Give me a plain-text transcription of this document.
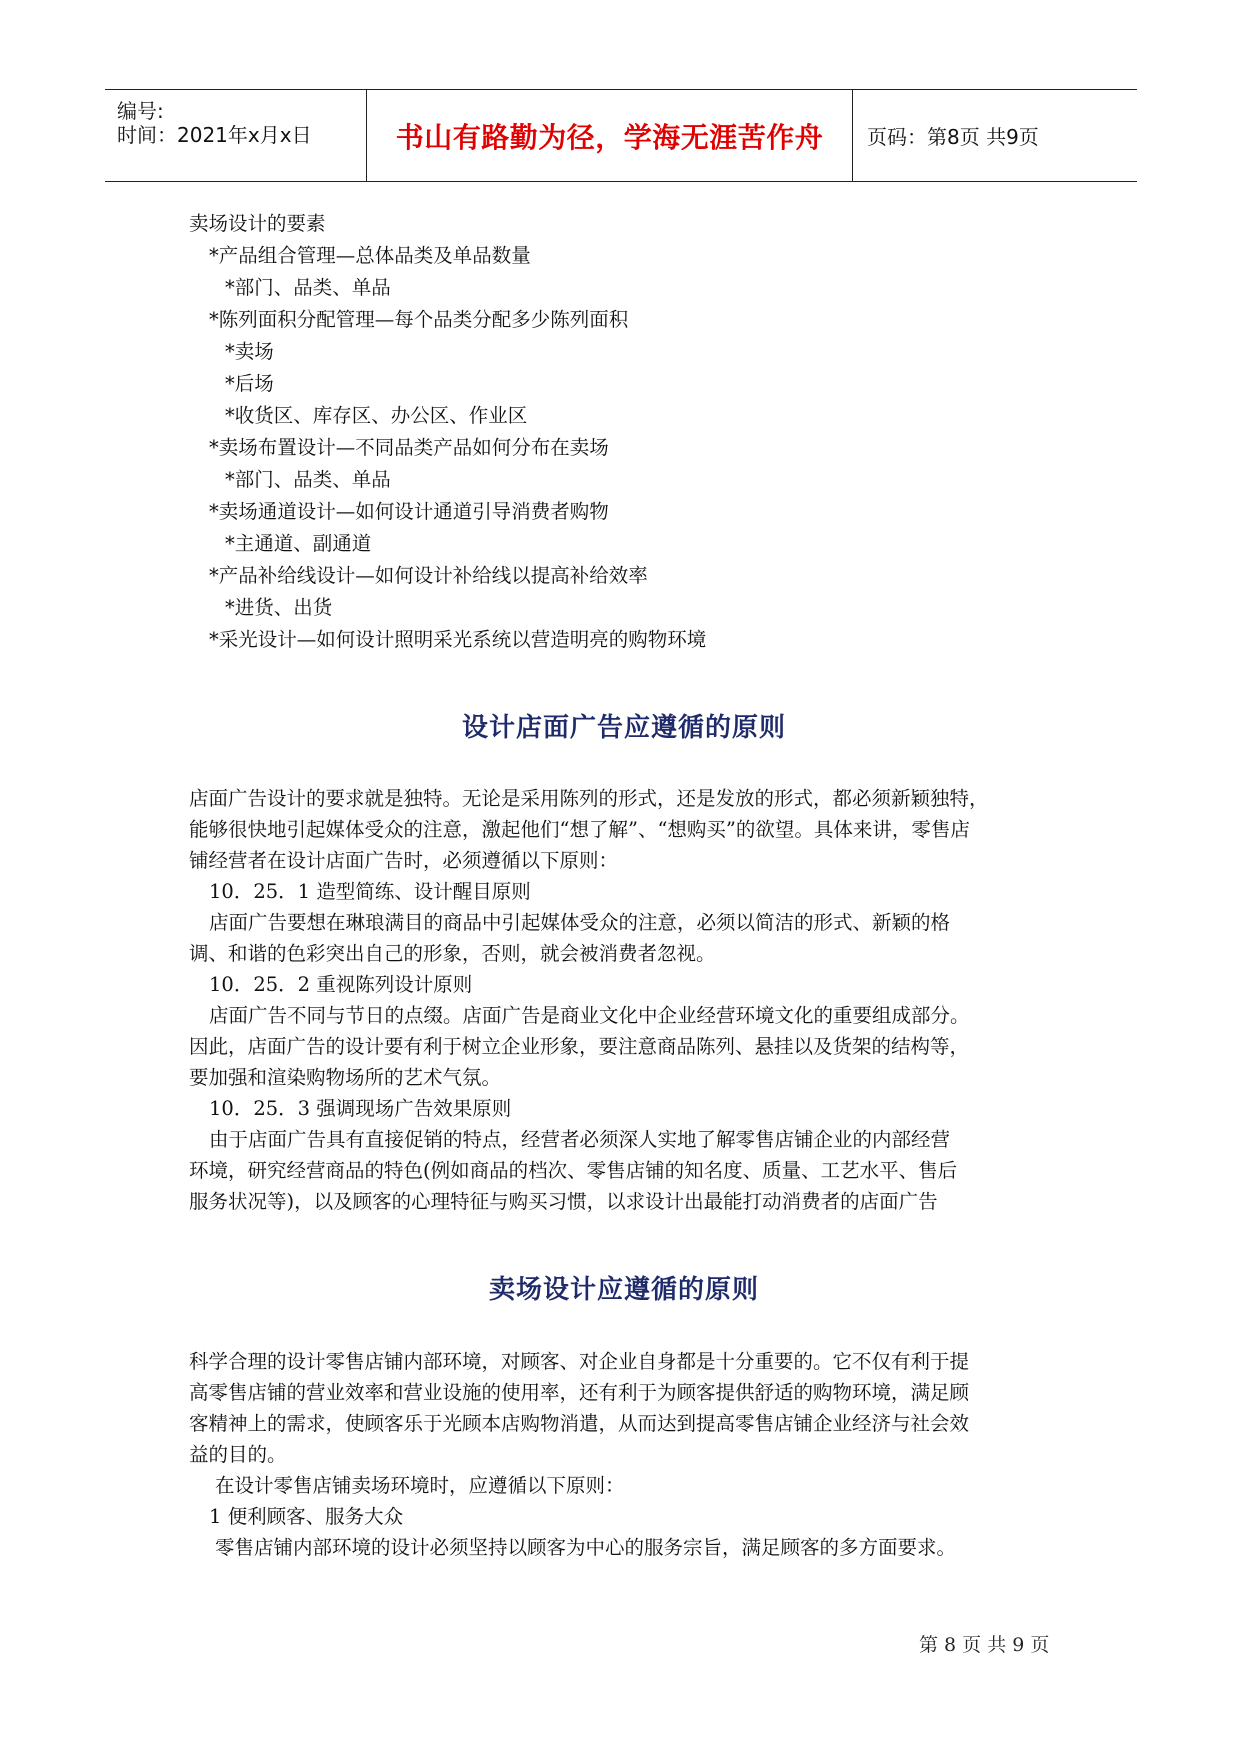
编号:
时间：2021年x月x日	书山有路勤为径，学海无涯苦作舟	页码：第8页 共9页
卖场设计的要素
*产品组合管理—总体品类及单品数量
*部门、品类、单品
*陈列面积分配管理—每个品类分配多少陈列面积
*卖场
*后场
*收货区、库存区、办公区、作业区
*卖场布置设计—不同品类产品如何分布在卖场
*部门、品类、单品
*卖场通道设计—如何设计通道引导消费者购物
*主通道、副通道
*产品补给线设计—如何设计补给线以提高补给效率
*进货、出货
*采光设计—如何设计照明采光系统以营造明亮的购物环境
设计店面广告应遵循的原则
店面广告设计的要求就是独特。无论是采用陈列的形式，还是发放的形式，都必须新颖独特，
能够很快地引起媒体受众的注意，激起他们“想了解”、“想购买”的欲望。具体来讲，零售店
铺经营者在设计店面广告时，必须遵循以下原则：
10．25．1 造型简练、设计醒目原则
店面广告要想在琳琅满目的商品中引起媒体受众的注意，必须以简洁的形式、新颖的格
调、和谐的色彩突出自己的形象，否则，就会被消费者忽视。
10．25．2 重视陈列设计原则
店面广告不同与节日的点缀。店面广告是商业文化中企业经营环境文化的重要组成部分。
因此，店面广告的设计要有利于树立企业形象，要注意商品陈列、悬挂以及货架的结构等，
要加强和渲染购物场所的艺术气氛。
10．25．3 强调现场广告效果原则
由于店面广告具有直接促销的特点，经营者必须深人实地了解零售店铺企业的内部经营
环境，研究经营商品的特色(例如商品的档次、零售店铺的知名度、质量、工艺水平、售后
服务状况等)，以及顾客的心理特征与购买习惯，以求设计出最能打动消费者的店面广告
卖场设计应遵循的原则
科学合理的设计零售店铺内部环境，对顾客、对企业自身都是十分重要的。它不仅有利于提
高零售店铺的营业效率和营业设施的使用率，还有利于为顾客提供舒适的购物环境，满足顾
客精神上的需求，使顾客乐于光顾本店购物消遣，从而达到提高零售店铺企业经济与社会效
益的目的。
在设计零售店铺卖场环境时，应遵循以下原则：
1 便利顾客、服务大众
零售店铺内部环境的设计必须坚持以顾客为中心的服务宗旨，满足顾客的多方面要求。
第 8 页 共 9 页
